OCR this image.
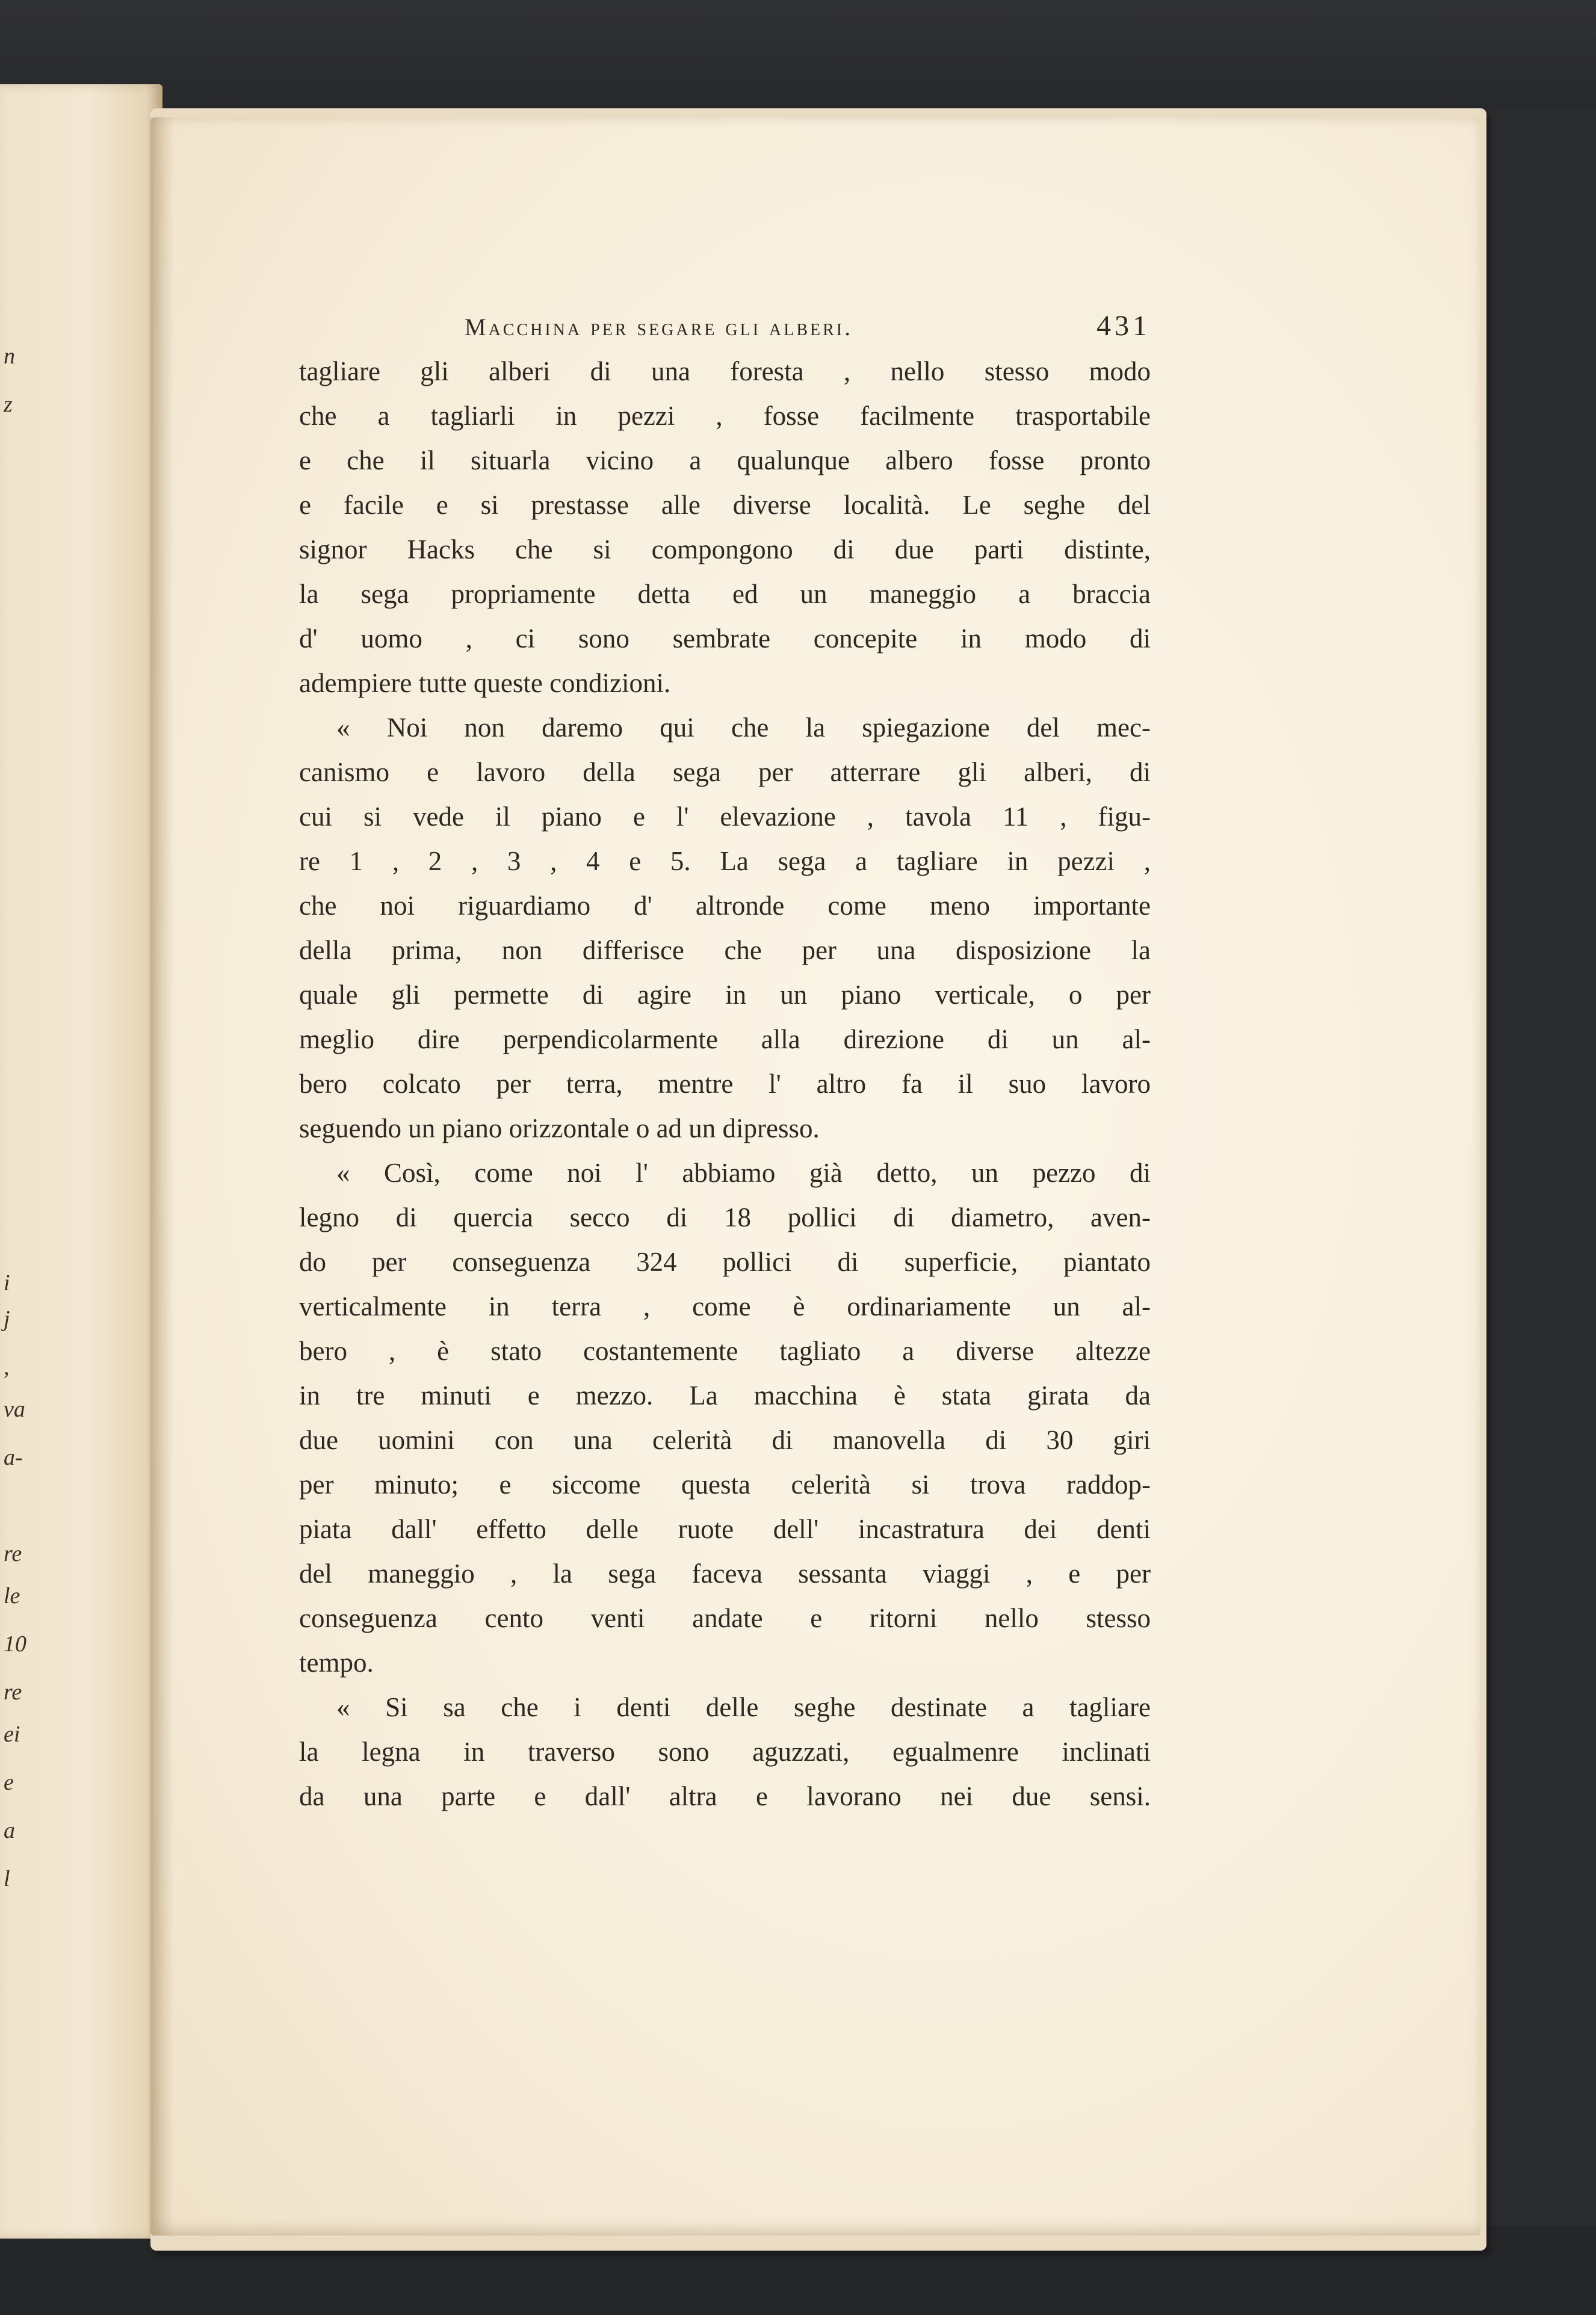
n
z
i
j
,
va
a-
re
le
10
re
ei
e
a
l
Macchina per segare gli alberi.	431
tagliare gli alberi di una foresta , nello stesso modo
che a tagliarli in pezzi , fosse facilmente trasportabile
e che il situarla vicino a qualunque albero fosse pronto
e facile e si prestasse alle diverse località. Le seghe del
signor Hacks che si compongono di due parti distinte,
la sega propriamente detta ed un maneggio a braccia
d' uomo , ci sono sembrate concepite in modo di
adempiere tutte queste condizioni.
« Noi non daremo qui che la spiegazione del mec-
canismo e lavoro della sega per atterrare gli alberi, di
cui si vede il piano e l' elevazione , tavola 11 , figu-
re 1 , 2 , 3 , 4 e 5. La sega a tagliare in pezzi ,
che noi riguardiamo d' altronde come meno importante
della prima, non differisce che per una disposizione la
quale gli permette di agire in un piano verticale, o per
meglio dire perpendicolarmente alla direzione di un al-
bero colcato per terra, mentre l' altro fa il suo lavoro
seguendo un piano orizzontale o ad un dipresso.
« Così, come noi l' abbiamo già detto, un pezzo di
legno di quercia secco di 18 pollici di diametro, aven-
do per conseguenza 324 pollici di superficie, piantato
verticalmente in terra , come è ordinariamente un al-
bero , è stato costantemente tagliato a diverse altezze
in tre minuti e mezzo. La macchina è stata girata da
due uomini con una celerità di manovella di 30 giri
per minuto; e siccome questa celerità si trova raddop-
piata dall' effetto delle ruote dell' incastratura dei denti
del maneggio , la sega faceva sessanta viaggi , e per
conseguenza cento venti andate e ritorni nello stesso
tempo.
« Si sa che i denti delle seghe destinate a tagliare
la legna in traverso sono aguzzati, egualmenre inclinati
da una parte e dall' altra e lavorano nei due sensi.
